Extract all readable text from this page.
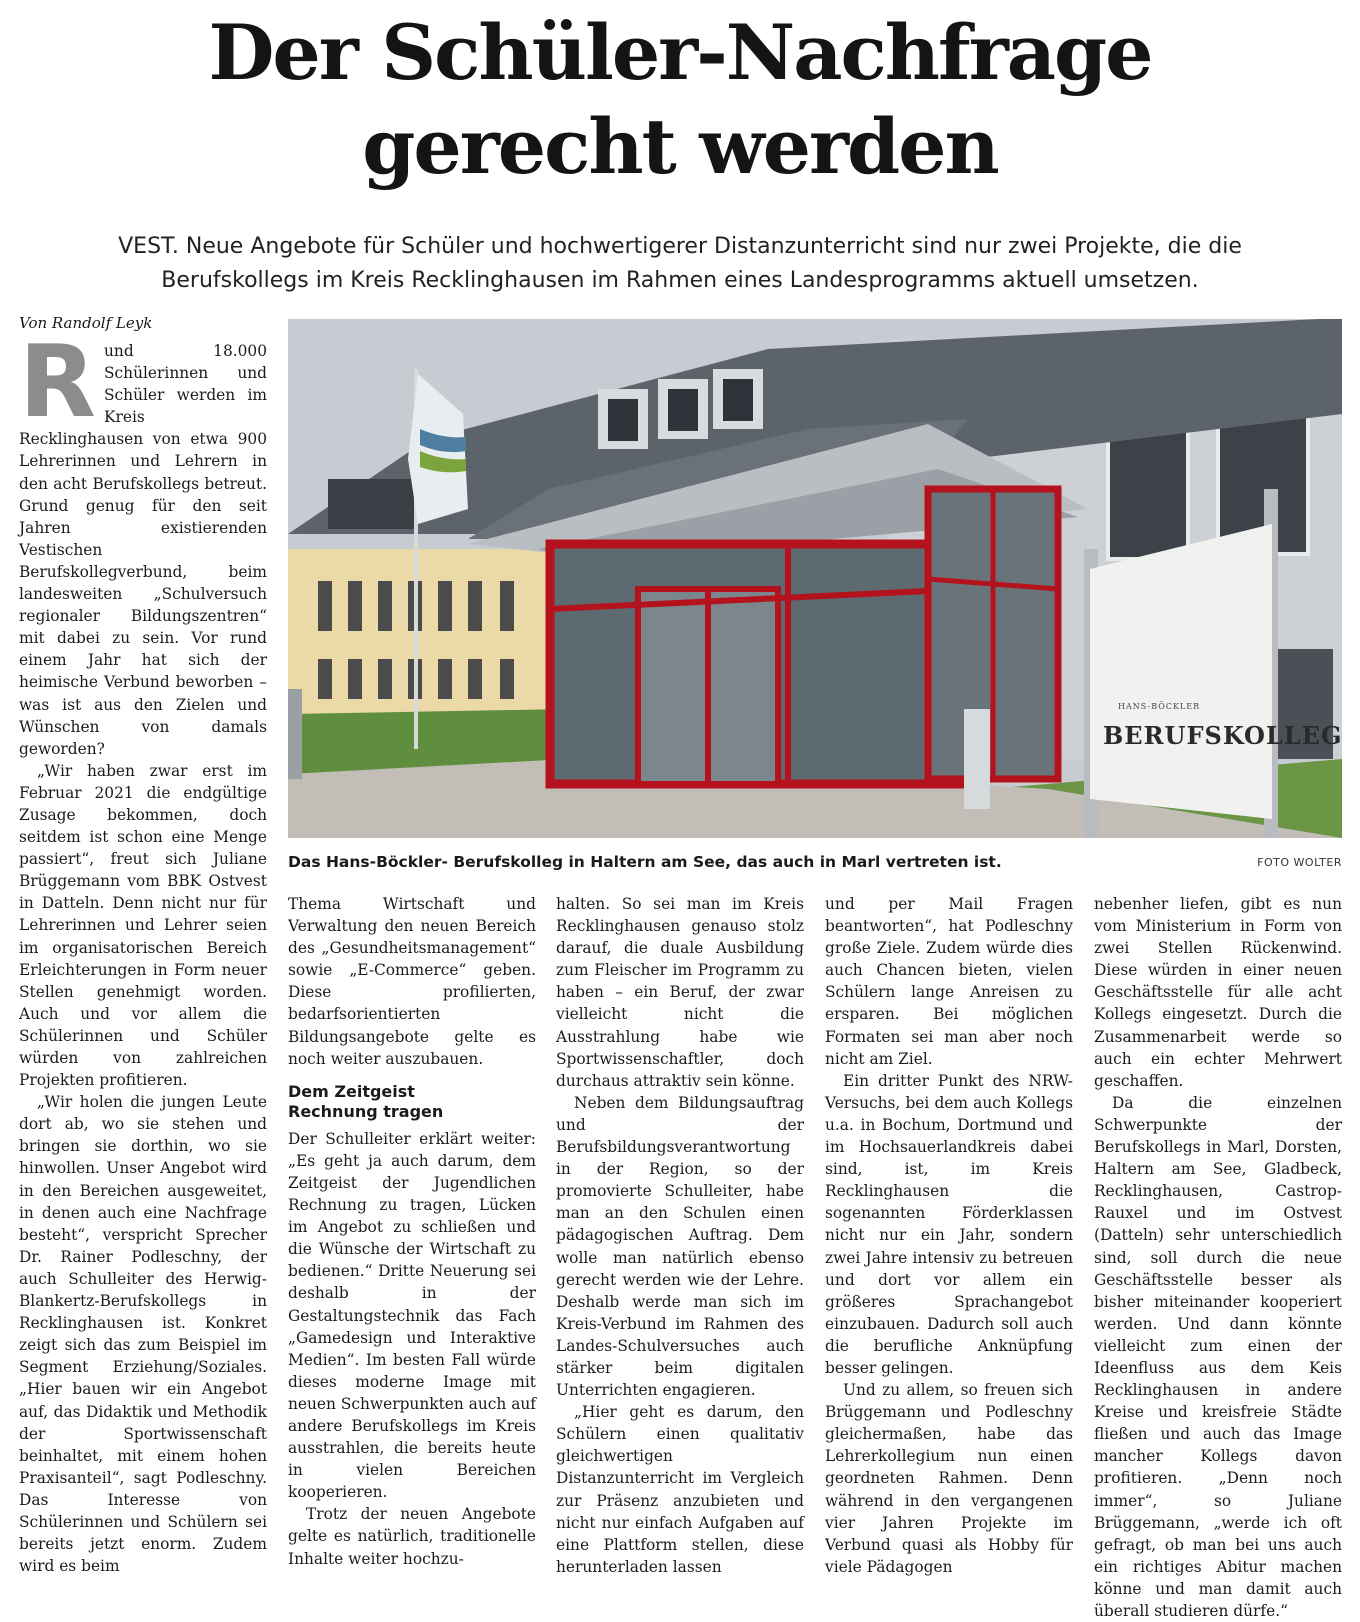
Der Schüler-Nachfrage
gerecht werden
VEST. Neue Angebote für Schüler und hochwertigerer Distanzunterricht sind nur zwei Projekte, die die Berufskollegs im Kreis Recklinghausen im Rahmen eines Landesprogramms aktuell umsetzen.
Von Randolf Leyk
HANS-BÖCKLER
BERUFSKOLLEG
Das Hans-Böckler- Berufskolleg in Haltern am See, das auch in Marl vertreten ist.	FOTO WOLTER

Rund 18.000 Schülerinnen und Schüler werden im Kreis Recklinghausen von etwa 900 Lehrerinnen und Lehrern in den acht Berufskollegs betreut. Grund genug für den seit Jahren existierenden Vestischen Berufskollegverbund, beim landesweiten „Schulversuch regionaler Bildungszentren“ mit dabei zu sein. Vor rund einem Jahr hat sich der heimische Verbund beworben – was ist aus den Zielen und Wünschen von damals geworden?

„Wir haben zwar erst im Februar 2021 die endgültige Zusage bekommen, doch seitdem ist schon eine Menge passiert“, freut sich Juliane Brüggemann vom BBK Ostvest in Datteln. Denn nicht nur für Lehrerinnen und Lehrer seien im organisatorischen Bereich Erleichterungen in Form neuer Stellen genehmigt worden. Auch und vor allem die Schülerinnen und Schüler würden von zahlreichen Projekten profitieren.

„Wir holen die jungen Leute dort ab, wo sie stehen und bringen sie dorthin, wo sie hinwollen. Unser Angebot wird in den Bereichen ausgeweitet, in denen auch eine Nachfrage besteht“, verspricht Sprecher Dr. Rainer Podleschny, der auch Schulleiter des Herwig-Blankertz-Berufskollegs in Recklinghausen ist. Konkret zeigt sich das zum Beispiel im Segment Erziehung/Soziales. „Hier bauen wir ein Angebot auf, das Didaktik und Methodik der Sportwissenschaft beinhaltet, mit einem hohen Praxisanteil“, sagt Podleschny. Das Interesse von Schülerinnen und Schülern sei bereits jetzt enorm. Zudem wird es beim

Thema Wirtschaft und Verwaltung den neuen Bereich des „Gesundheitsmanagement“ sowie „E-Commerce“ geben. Diese profilierten, bedarfsorientierten Bildungsangebote gelte es noch weiter auszubauen.

Dem Zeitgeist
Rechnung tragen

Der Schulleiter erklärt weiter: „Es geht ja auch darum, dem Zeitgeist der Jugendlichen Rechnung zu tragen, Lücken im Angebot zu schließen und die Wünsche der Wirtschaft zu bedienen.“ Dritte Neuerung sei deshalb in der Gestaltungstechnik das Fach „Gamedesign und Interaktive Medien“. Im besten Fall würde dieses moderne Image mit neuen Schwerpunkten auch auf andere Berufskollegs im Kreis ausstrahlen, die bereits heute in vielen Bereichen kooperieren.

Trotz der neuen Angebote gelte es natürlich, traditionelle Inhalte weiter hochzu-

halten. So sei man im Kreis Recklinghausen genauso stolz darauf, die duale Ausbildung zum Fleischer im Programm zu haben – ein Beruf, der zwar vielleicht nicht die Ausstrahlung habe wie Sportwissenschaftler, doch durchaus attraktiv sein könne.

Neben dem Bildungsauftrag und der Berufsbildungsverantwortung in der Region, so der promovierte Schulleiter, habe man an den Schulen einen pädagogischen Auftrag. Dem wolle man natürlich ebenso gerecht werden wie der Lehre. Deshalb werde man sich im Kreis-Verbund im Rahmen des Landes-Schulversuches auch stärker beim digitalen Unterrichten engagieren.

„Hier geht es darum, den Schülern einen qualitativ gleichwertigen Distanzunterricht im Vergleich zur Präsenz anzubieten und nicht nur einfach Aufgaben auf eine Plattform stellen, diese herunterladen lassen

und per Mail Fragen beantworten“, hat Podleschny große Ziele. Zudem würde dies auch Chancen bieten, vielen Schülern lange Anreisen zu ersparen. Bei möglichen Formaten sei man aber noch nicht am Ziel.

Ein dritter Punkt des NRW-Versuchs, bei dem auch Kollegs u.a. in Bochum, Dortmund und im Hochsauerlandkreis dabei sind, ist, im Kreis Recklinghausen die sogenannten Förderklassen nicht nur ein Jahr, sondern zwei Jahre intensiv zu betreuen und dort vor allem ein größeres Sprachangebot einzubauen. Dadurch soll auch die berufliche Anknüpfung besser gelingen.

Und zu allem, so freuen sich Brüggemann und Podleschny gleichermaßen, habe das Lehrerkollegium nun einen geordneten Rahmen. Denn während in den vergangenen vier Jahren Projekte im Verbund quasi als Hobby für viele Pädagogen

nebenher liefen, gibt es nun vom Ministerium in Form von zwei Stellen Rückenwind. Diese würden in einer neuen Geschäftsstelle für alle acht Kollegs eingesetzt. Durch die Zusammenarbeit werde so auch ein echter Mehrwert geschaffen.

Da die einzelnen Schwerpunkte der Berufskollegs in Marl, Dorsten, Haltern am See, Gladbeck, Recklinghausen, Castrop-Rauxel und im Ostvest (Datteln) sehr unterschiedlich sind, soll durch die neue Geschäftsstelle besser als bisher miteinander kooperiert werden. Und dann könnte vielleicht zum einen der Ideenfluss aus dem Keis Recklinghausen in andere Kreise und kreisfreie Städte fließen und auch das Image mancher Kollegs davon profitieren. „Denn noch immer“, so Juliane Brüggemann, „werde ich oft gefragt, ob man bei uns auch ein richtiges Abitur machen könne und man damit auch überall studieren dürfe.“
